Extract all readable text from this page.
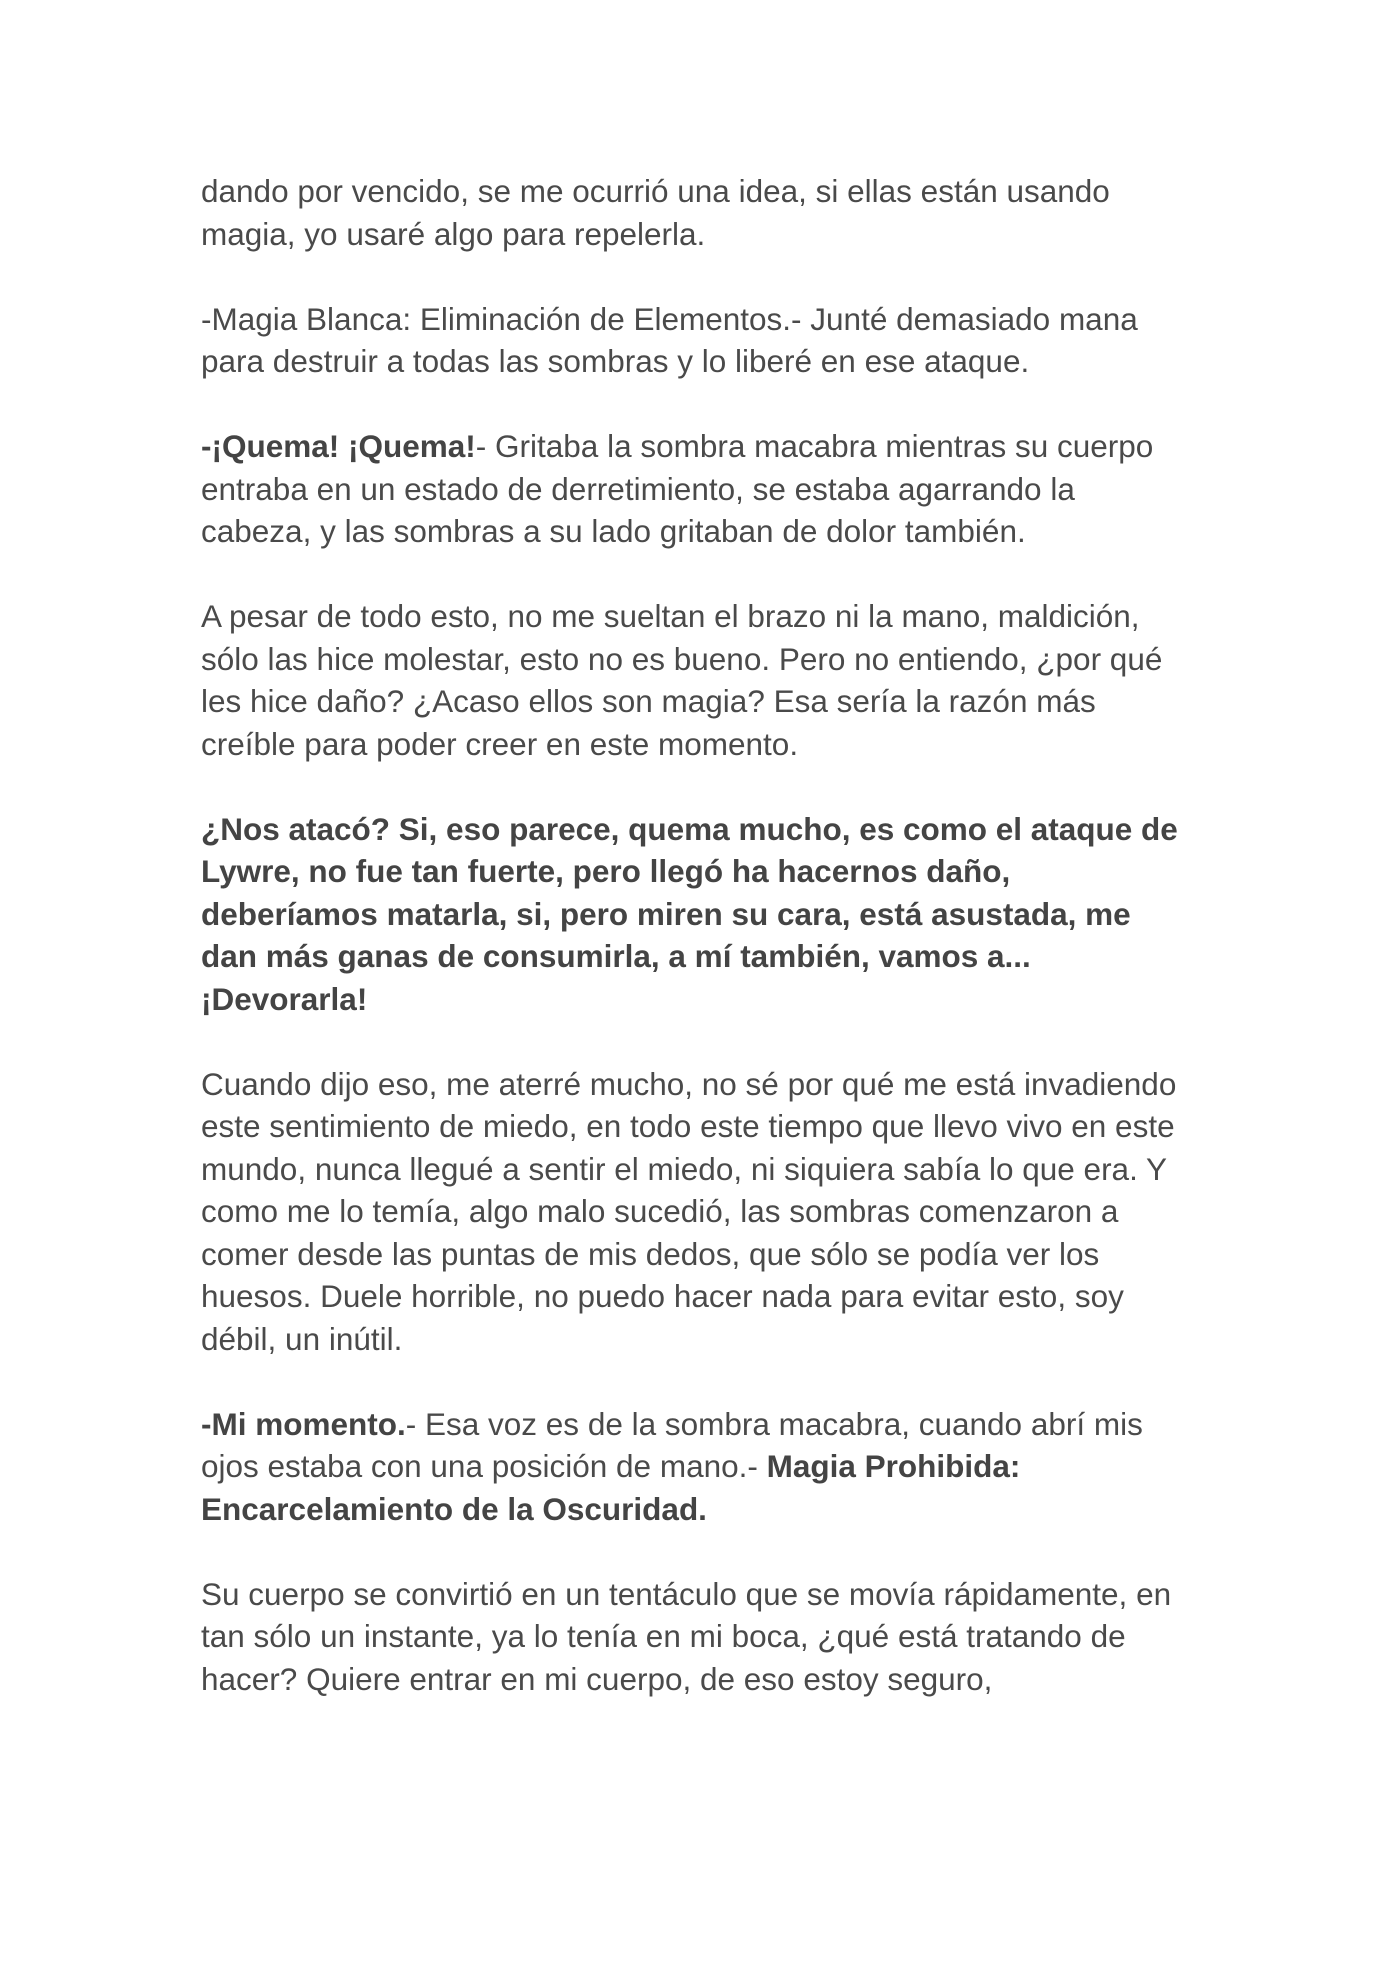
dando por vencido, se me ocurrió una idea, si ellas están usando
magia, yo usaré algo para repelerla.
-Magia Blanca: Eliminación de Elementos.- Junté demasiado mana
para destruir a todas las sombras y lo liberé en ese ataque.
-¡Quema! ¡Quema!- Gritaba la sombra macabra mientras su cuerpo
entraba en un estado de derretimiento, se estaba agarrando la
cabeza, y las sombras a su lado gritaban de dolor también.
A pesar de todo esto, no me sueltan el brazo ni la mano, maldición,
sólo las hice molestar, esto no es bueno. Pero no entiendo, ¿por qué
les hice daño? ¿Acaso ellos son magia? Esa sería la razón más
creíble para poder creer en este momento.
¿Nos atacó? Si, eso parece, quema mucho, es como el ataque de
Lywre, no fue tan fuerte, pero llegó ha hacernos daño,
deberíamos matarla, si, pero miren su cara, está asustada, me
dan más ganas de consumirla, a mí también, vamos a...
¡Devorarla!
Cuando dijo eso, me aterré mucho, no sé por qué me está invadiendo
este sentimiento de miedo, en todo este tiempo que llevo vivo en este
mundo, nunca llegué a sentir el miedo, ni siquiera sabía lo que era. Y
como me lo temía, algo malo sucedió, las sombras comenzaron a
comer desde las puntas de mis dedos, que sólo se podía ver los
huesos. Duele horrible, no puedo hacer nada para evitar esto, soy
débil, un inútil.
-Mi momento.- Esa voz es de la sombra macabra, cuando abrí mis
ojos estaba con una posición de mano.- Magia Prohibida:
Encarcelamiento de la Oscuridad.
Su cuerpo se convirtió en un tentáculo que se movía rápidamente, en
tan sólo un instante, ya lo tenía en mi boca, ¿qué está tratando de
hacer? Quiere entrar en mi cuerpo, de eso estoy seguro,
